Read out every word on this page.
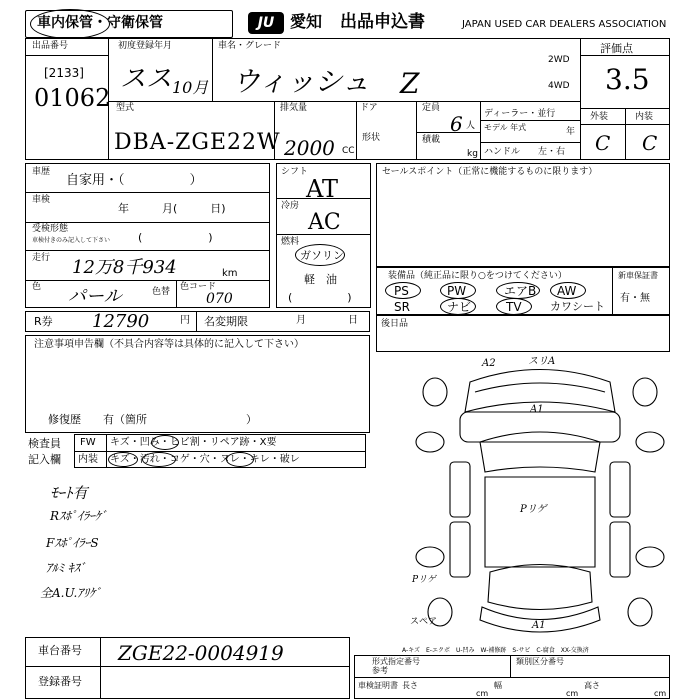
車内保管・守衛保管	JU 愛知 出品申込書	JAPAN USED CAR DEALERS ASSOCIATION
出品番号
[2133]
01062
初度登録年月
スス 10月
車名・グレード
ウィッシュ Z
2WD
4WD
評価点
3.5
外装	内装
C C
型式
DBA-ZGE22W
排気量
2000 CC
ドア
形状
定員
6 人
積載
kg
ディーラー・並行
モデル 年式	年
ハンドル 左・右
車歴
自家用・（　　　　　）
車検
年　　　月(　　　日)
受検形態
車検付きのみ記入して下さい	(　　　　　　)
走行 12万8千934	km
色 パール	色替 色コード
070
シフト
AT
冷房
AC
燃料
ガソリン
軽　油
(　　　　　)
セールスポイント（正常に機能するものに限ります）
装備品（純正品に限り○をつけてください）	新車保証書
有・無
PS	PW	エアB AW
SR	ナビ	TV	カワシート
R券 12790	円 名変期限	月	日	後日品
注意事項申告欄（不具合内容等は具体的に記入して下さい）
修復歴　　有（箇所　　　　　　　　　）
検査員
記入欄
FW キズ・凹み・ヒビ割・リペア跡・X要
内装 キズ・汚れ・コゲ・穴・ヌレ・キレ・破レ
ﾓｰﾄ有
Rｽﾎﾟｲﾗｰｹﾞ
FｽﾎﾟｲﾗｰS
ｱﾙﾐ ｷｽﾞ
全A.U.ｱﾘｹﾞ
A2	スリA
A1
Pリゲ
Pリゲ
A1
スペア
A-キズ　E-エクボ　U-凹み　W-補修跡　S-サビ　C-腐食　XX-交換済
車台番号 ZGE22-0004919
登録番号
形式指定番号
参考
類別区分番号
車検証明書 長さ
cm
幅
cm
高さ
cm
